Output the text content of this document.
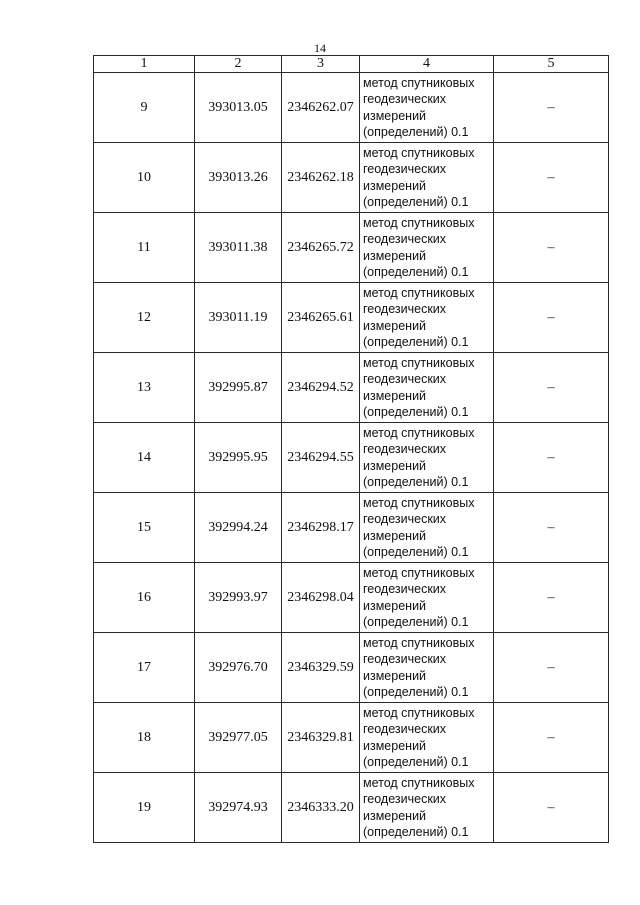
14
1	2	3	4	5
9	393013.05	2346262.07	метод спутниковых
геодезических
измерений
(определений) 0.1	–
10	393013.26	2346262.18	метод спутниковых
геодезических
измерений
(определений) 0.1	–
11	393011.38	2346265.72	метод спутниковых
геодезических
измерений
(определений) 0.1	–
12	393011.19	2346265.61	метод спутниковых
геодезических
измерений
(определений) 0.1	–
13	392995.87	2346294.52	метод спутниковых
геодезических
измерений
(определений) 0.1	–
14	392995.95	2346294.55	метод спутниковых
геодезических
измерений
(определений) 0.1	–
15	392994.24	2346298.17	метод спутниковых
геодезических
измерений
(определений) 0.1	–
16	392993.97	2346298.04	метод спутниковых
геодезических
измерений
(определений) 0.1	–
17	392976.70	2346329.59	метод спутниковых
геодезических
измерений
(определений) 0.1	–
18	392977.05	2346329.81	метод спутниковых
геодезических
измерений
(определений) 0.1	–
19	392974.93	2346333.20	метод спутниковых
геодезических
измерений
(определений) 0.1	–
